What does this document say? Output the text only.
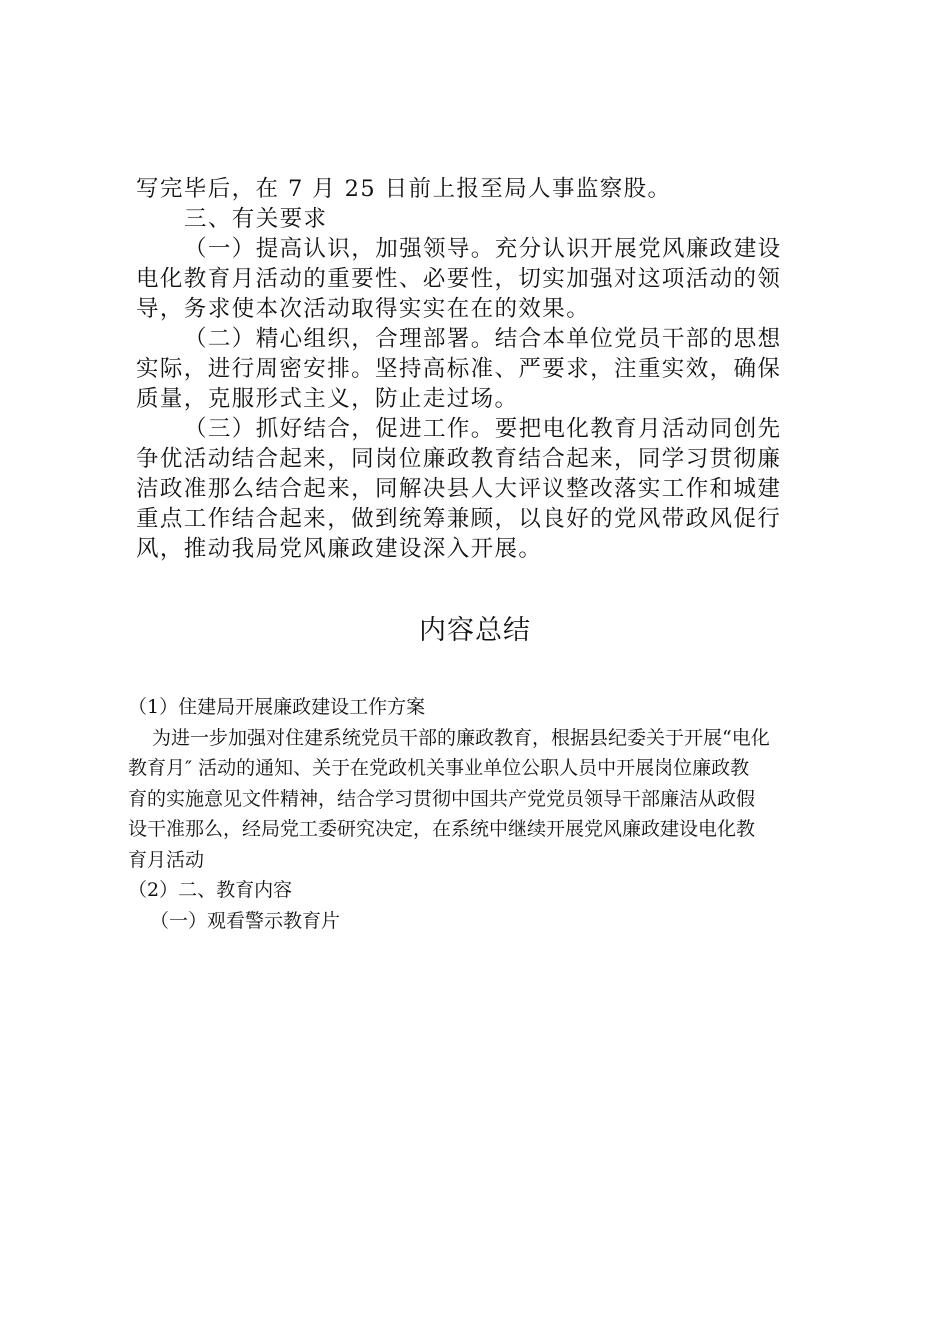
写完毕后，在 7 月 25 日前上报至局人事监察股。
三、有关要求
（一）提高认识，加强领导。充分认识开展党风廉政建设
电化教育月活动的重要性、必要性，切实加强对这项活动的领
导，务求使本次活动取得实实在在的效果。
（二）精心组织，合理部署。结合本单位党员干部的思想
实际，进行周密安排。坚持高标准、严要求，注重实效，确保
质量，克服形式主义，防止走过场。
（三）抓好结合，促进工作。要把电化教育月活动同创先
争优活动结合起来，同岗位廉政教育结合起来，同学习贯彻廉
洁政准那么结合起来，同解决县人大评议整改落实工作和城建
重点工作结合起来，做到统筹兼顾，以良好的党风带政风促行
风，推动我局党风廉政建设深入开展。
内容总结
（1）住建局开展廉政建设工作方案
为进一步加强对住建系统党员干部的廉政教育，根据县纪委关于开展“电化
教育月″ 活动的通知、关于在党政机关事业单位公职人员中开展岗位廉政教
育的实施意见文件精神，结合学习贯彻中国共产党党员领导干部廉洁从政假
设干准那么，经局党工委研究决定，在系统中继续开展党风廉政建设电化教
育月活动
（2）二、教育内容
（一）观看警示教育片
